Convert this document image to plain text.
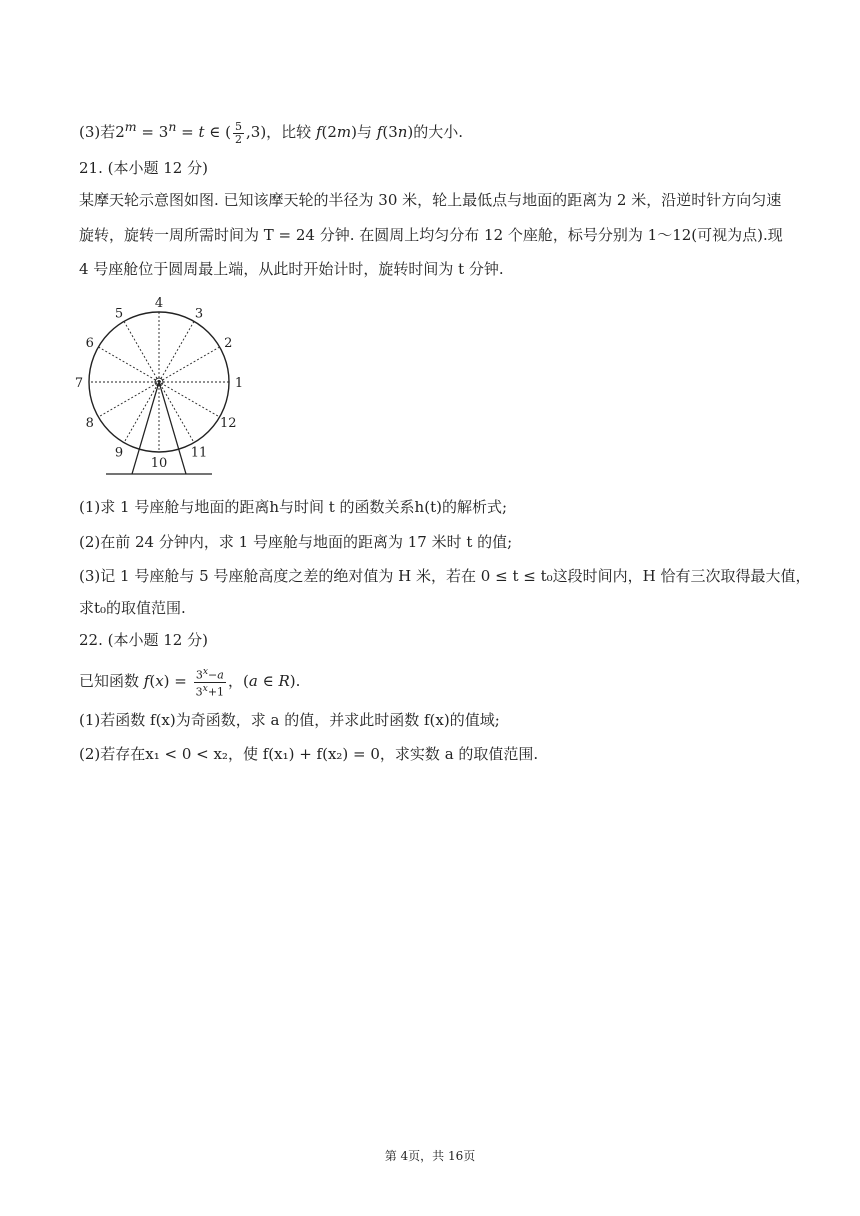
(3)若$2^m = 3^n = t$ ∈ ( $\frac{5}{2} ,3$)，比较 f(2m)与 f(3n)的大小.
21. (本小题 12 分)
某摩天轮示意图如图. 已知该摩天轮的半径为 30 米，轮上最低点与地面的距离为 2 米，沿逆时针方向匀速
旋转，旋转一周所需时间为 T = 24 分钟. 在圆周上均匀分布 12 个座舱，标号分别为 1～12(可视为点).现
4 号座舱位于圆周最上端，从此时开始计时，旋转时间为 t 分钟.
1
2
3
4
5
6
7
8
9
10
11
12
(1)求 1 号座舱与地面的距离h与时间 t 的函数关系h(t)的解析式;
(2)在前 24 分钟内，求 1 号座舱与地面的距离为 17 米时 t 的值;
(3)记 1 号座舱与 5 号座舱高度之差的绝对值为 H 米，若在 0 ≤ t ≤ t₀这段时间内，H 恰有三次取得最大值，
求t₀的取值范围.
22. (本小题 12 分)
已知函数 $f(x) = \frac{3^x-a}{3^x+1}$ ，(a ∈ R).
(1)若函数 f(x)为奇函数，求 a 的值，并求此时函数 f(x)的值域;
(2)若存在x₁ < 0 < x₂，使 f(x₁) + f(x₂) = 0，求实数 a 的取值范围.
第 4页，共 16页
